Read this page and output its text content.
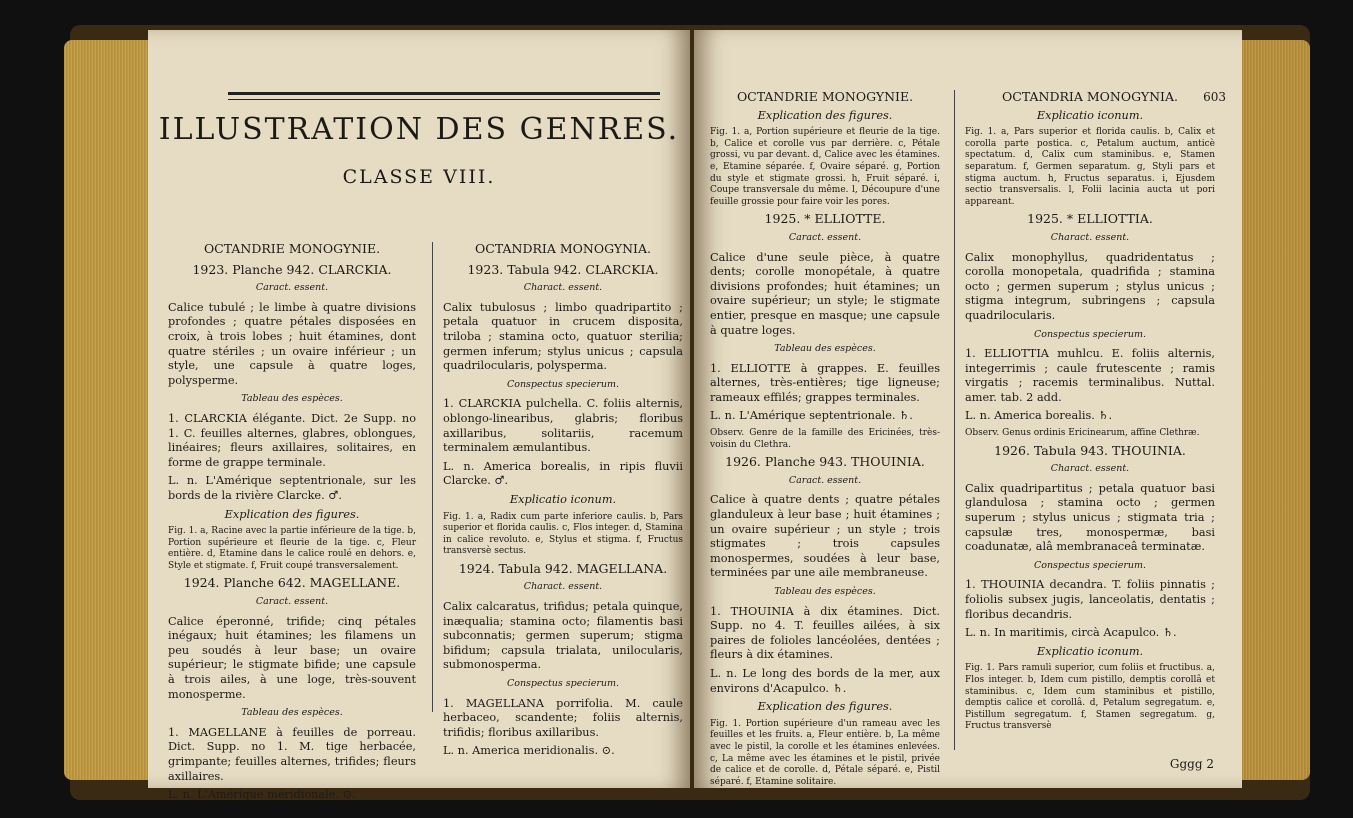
ILLUSTRATION DES GENRES.
CLASSE VIII.
OCTANDRIE MONOGYNIE.
1923. Planche 942. CLARCKIA.
Caract. essent.

Calice tubulé ; le limbe à quatre divisions profondes ; quatre pétales disposées en croix, à trois lobes ; huit étamines, dont quatre stériles ; un ovaire inférieur ; un style, une capsule à quatre loges, polysperme.

Tableau des espèces.

1. CLARCKIA élégante. Dict. 2e Supp. no 1. C. feuilles alternes, glabres, oblongues, linéaires; fleurs axillaires, solitaires, en forme de grappe terminale.

L. n. L'Amérique septentrionale, sur les bords de la rivière Clarcke. ♂.

Explication des figures.

Fig. 1. a, Racine avec la partie inférieure de la tige. b, Portion supérieure et fleurie de la tige. c, Fleur entière. d, Etamine dans le calice roulé en dehors. e, Style et stigmate. f, Fruit coupé transversalement.

1924. Planche 642. MAGELLANE.
Caract. essent.

Calice éperonné, trifide; cinq pétales inégaux; huit étamines; les filamens un peu soudés à leur base; un ovaire supérieur; le stigmate bifide; une capsule à trois ailes, à une loge, très-souvent monosperme.

Tableau des espèces.

1. MAGELLANE à feuilles de porreau. Dict. Supp. no 1. M. tige herbacée, grimpante; feuilles alternes, trifides; fleurs axillaires.

L. n. L'Amérique méridionale. ⊙.

OCTANDRIA MONOGYNIA.
1923. Tabula 942. CLARCKIA.
Charact. essent.

Calix tubulosus ; limbo quadripartito ; petala quatuor in crucem disposita, triloba ; stamina octo, quatuor sterilia; germen inferum; stylus unicus ; capsula quadrilocularis, polysperma.

Conspectus specierum.

1. CLARCKIA pulchella. C. foliis alternis, oblongo-linearibus, glabris; floribus axillaribus, solitariis, racemum terminalem æmulantibus.

L. n. America borealis, in ripis fluvii Clarcke. ♂.

Explicatio iconum.

Fig. 1. a, Radix cum parte inferiore caulis. b, Pars superior et florida caulis. c, Flos integer. d, Stamina in calice revoluto. e, Stylus et stigma. f, Fructus transversè sectus.

1924. Tabula 942. MAGELLANA.
Charact. essent.

Calix calcaratus, trifidus; petala quinque, inæqualia; stamina octo; filamentis basi subconnatis; germen superum; stigma bifidum; capsula trialata, unilocularis, submonosperma.

Conspectus specierum.

1. MAGELLANA porrifolia. M. caule herbaceo, scandente; foliis alternis, trifidis; floribus axillaribus.

L. n. America meridionalis. ⊙.

603
OCTANDRIE MONOGYNIE.
Explication des figures.

Fig. 1. a, Portion supérieure et fleurie de la tige. b, Calice et corolle vus par derrière. c, Pétale grossi, vu par devant. d, Calice avec les étamines. e, Etamine séparée. f, Ovaire séparé. g, Portion du style et stigmate grossi. h, Fruit séparé. i, Coupe transversale du même. l, Découpure d'une feuille grossie pour faire voir les pores.

1925. * ELLIOTTE.
Caract. essent.

Calice d'une seule pièce, à quatre dents; corolle monopétale, à quatre divisions profondes; huit étamines; un ovaire supérieur; un style; le stigmate entier, presque en masque; une capsule à quatre loges.

Tableau des espèces.

1. ELLIOTTE à grappes. E. feuilles alternes, très-entières; tige ligneuse; rameaux effilés; grappes terminales.

L. n. L'Amérique septentrionale. ♄.

Observ. Genre de la famille des Ericinées, très-voisin du Clethra.

1926. Planche 943. THOUINIA.
Caract. essent.

Calice à quatre dents ; quatre pétales glanduleux à leur base ; huit étamines ; un ovaire supérieur ; un style ; trois stigmates ; trois capsules monospermes, soudées à leur base, terminées par une aile membraneuse.

Tableau des espèces.

1. THOUINIA à dix étamines. Dict. Supp. no 4. T. feuilles ailées, à six paires de folioles lancéolées, dentées ; fleurs à dix étamines.

L. n. Le long des bords de la mer, aux environs d'Acapulco. ♄.

Explication des figures.

Fig. 1. Portion supérieure d'un rameau avec les feuilles et les fruits. a, Fleur entière. b, La même avec le pistil, la corolle et les étamines enlevées. c, La même avec les étamines et le pistil, privée de calice et de corolle. d, Pétale séparé. e, Pistil séparé. f, Etamine solitaire.

OCTANDRIA MONOGYNIA.
Explicatio iconum.

Fig. 1. a, Pars superior et florida caulis. b, Calix et corolla parte postica. c, Petalum auctum, anticè spectatum. d, Calix cum staminibus. e, Stamen separatum. f, Germen separatum. g, Styli pars et stigma auctum. h, Fructus separatus. i, Ejusdem sectio transversalis. l, Folii lacinia aucta ut pori appareant.

1925. * ELLIOTTIA.
Charact. essent.

Calix monophyllus, quadridentatus ; corolla monopetala, quadrifida ; stamina octo ; germen superum ; stylus unicus ; stigma integrum, subringens ; capsula quadrilocularis.

Conspectus specierum.

1. ELLIOTTIA muhlcu. E. foliis alternis, integerrimis ; caule frutescente ; ramis virgatis ; racemis terminalibus. Nuttal. amer. tab. 2 add.

L. n. America borealis. ♄.

Observ. Genus ordinis Ericinearum, affine Clethræ.

1926. Tabula 943. THOUINIA.
Charact. essent.

Calix quadripartitus ; petala quatuor basi glandulosa ; stamina octo ; germen superum ; stylus unicus ; stigmata tria ; capsulæ tres, monospermæ, basi coadunatæ, alâ membranaceâ terminatæ.

Conspectus specierum.

1. THOUINIA decandra. T. foliis pinnatis ; foliolis subsex jugis, lanceolatis, dentatis ; floribus decandris.

L. n. In maritimis, circà Acapulco. ♄.

Explicatio iconum.

Fig. 1. Pars ramuli superior, cum foliis et fructibus. a, Flos integer. b, Idem cum pistillo, demptis corollâ et staminibus. c, Idem cum staminibus et pistillo, demptis calice et corollâ. d, Petalum segregatum. e, Pistillum segregatum. f, Stamen segregatum. g, Fructus transversè

Gggg 2
